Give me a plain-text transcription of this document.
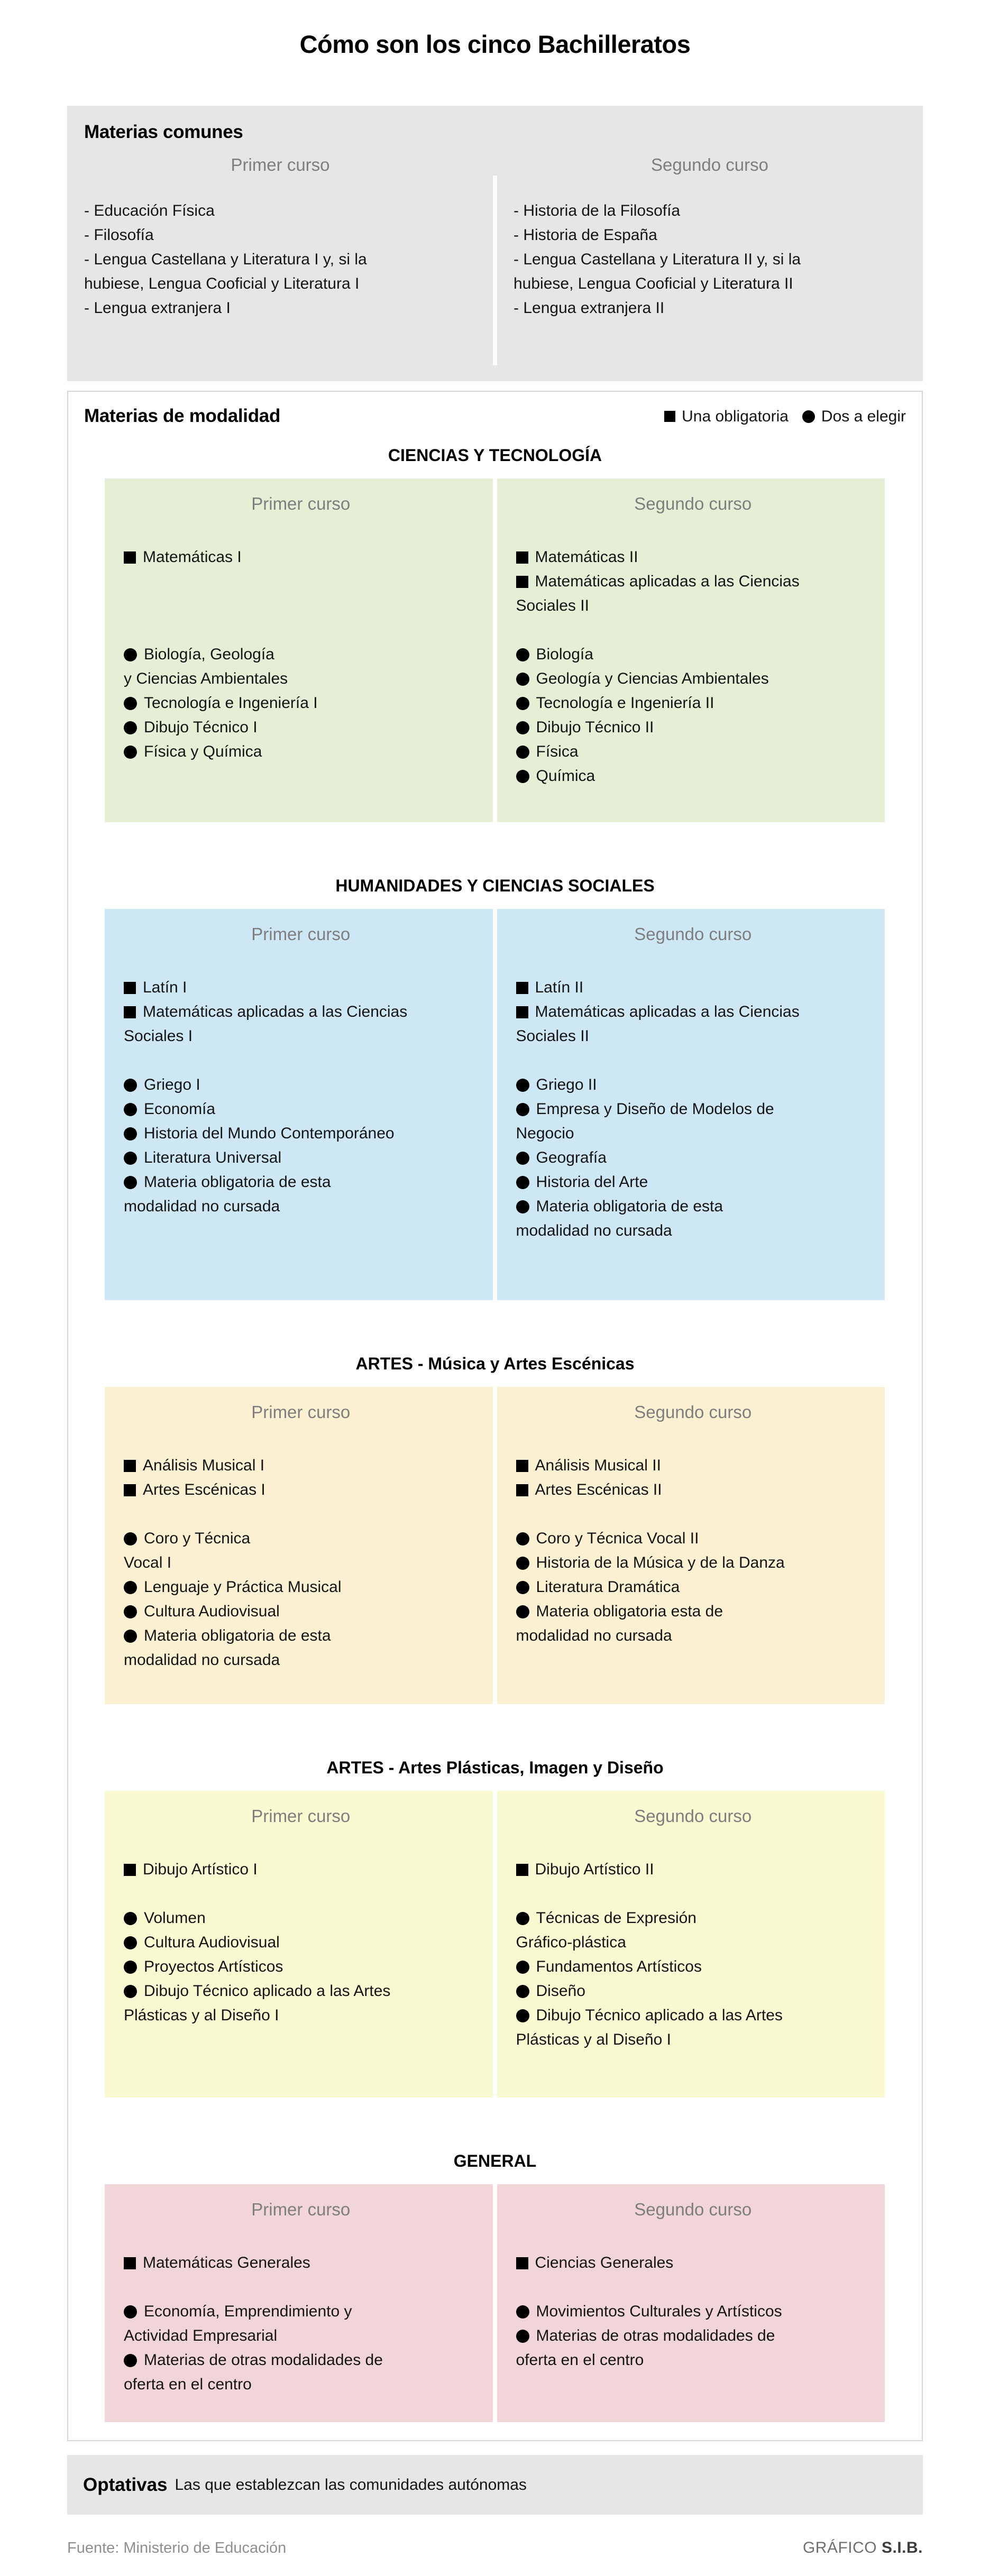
Cómo son los cinco Bachilleratos
Materias comunes
Primer curso
- Educación Física
- Filosofía
- Lengua Castellana y Literatura I y, si la
hubiese, Lengua Cooficial y Literatura I
- Lengua extranjera I
Segundo curso
- Historia de la Filosofía
- Historia de España
- Lengua Castellana y Literatura II y, si la
hubiese, Lengua Cooficial y Literatura II
- Lengua extranjera II
Materias de modalidad	Una obligatoria Dos a elegir
CIENCIAS Y TECNOLOGÍA
Primer curso
Matemáticas I
Biología, Geología
y Ciencias Ambientales
Tecnología e Ingeniería I
Dibujo Técnico I
Física y Química
Segundo curso
Matemáticas II
Matemáticas aplicadas a las Ciencias
Sociales II
Biología
Geología y Ciencias Ambientales
Tecnología e Ingeniería II
Dibujo Técnico II
Física
Química
HUMANIDADES Y CIENCIAS SOCIALES
Primer curso
Latín I
Matemáticas aplicadas a las Ciencias
Sociales I
Griego I
Economía
Historia del Mundo Contemporáneo
Literatura Universal
Materia obligatoria de esta
modalidad no cursada
Segundo curso
Latín II
Matemáticas aplicadas a las Ciencias
Sociales II
Griego II
Empresa y Diseño de Modelos de
Negocio
Geografía
Historia del Arte
Materia obligatoria de esta
modalidad no cursada
ARTES - Música y Artes Escénicas
Primer curso
Análisis Musical I
Artes Escénicas I
Coro y Técnica
Vocal I
Lenguaje y Práctica Musical
Cultura Audiovisual
Materia obligatoria de esta
modalidad no cursada
Segundo curso
Análisis Musical II
Artes Escénicas II
Coro y Técnica Vocal II
Historia de la Música y de la Danza
Literatura Dramática
Materia obligatoria esta de
modalidad no cursada
ARTES - Artes Plásticas, Imagen y Diseño
Primer curso
Dibujo Artístico I
Volumen
Cultura Audiovisual
Proyectos Artísticos
Dibujo Técnico aplicado a las Artes
Plásticas y al Diseño I
Segundo curso
Dibujo Artístico II
Técnicas de Expresión
Gráfico-plástica
Fundamentos Artísticos
Diseño
Dibujo Técnico aplicado a las Artes
Plásticas y al Diseño I
GENERAL
Primer curso
Matemáticas Generales
Economía, Emprendimiento y
Actividad Empresarial
Materias de otras modalidades de
oferta en el centro
Segundo curso
Ciencias Generales
Movimientos Culturales y Artísticos
Materias de otras modalidades de
oferta en el centro
Optativas Las que establezcan las comunidades autónomas
Fuente: Ministerio de Educación	GRÁFICO S.I.B.
